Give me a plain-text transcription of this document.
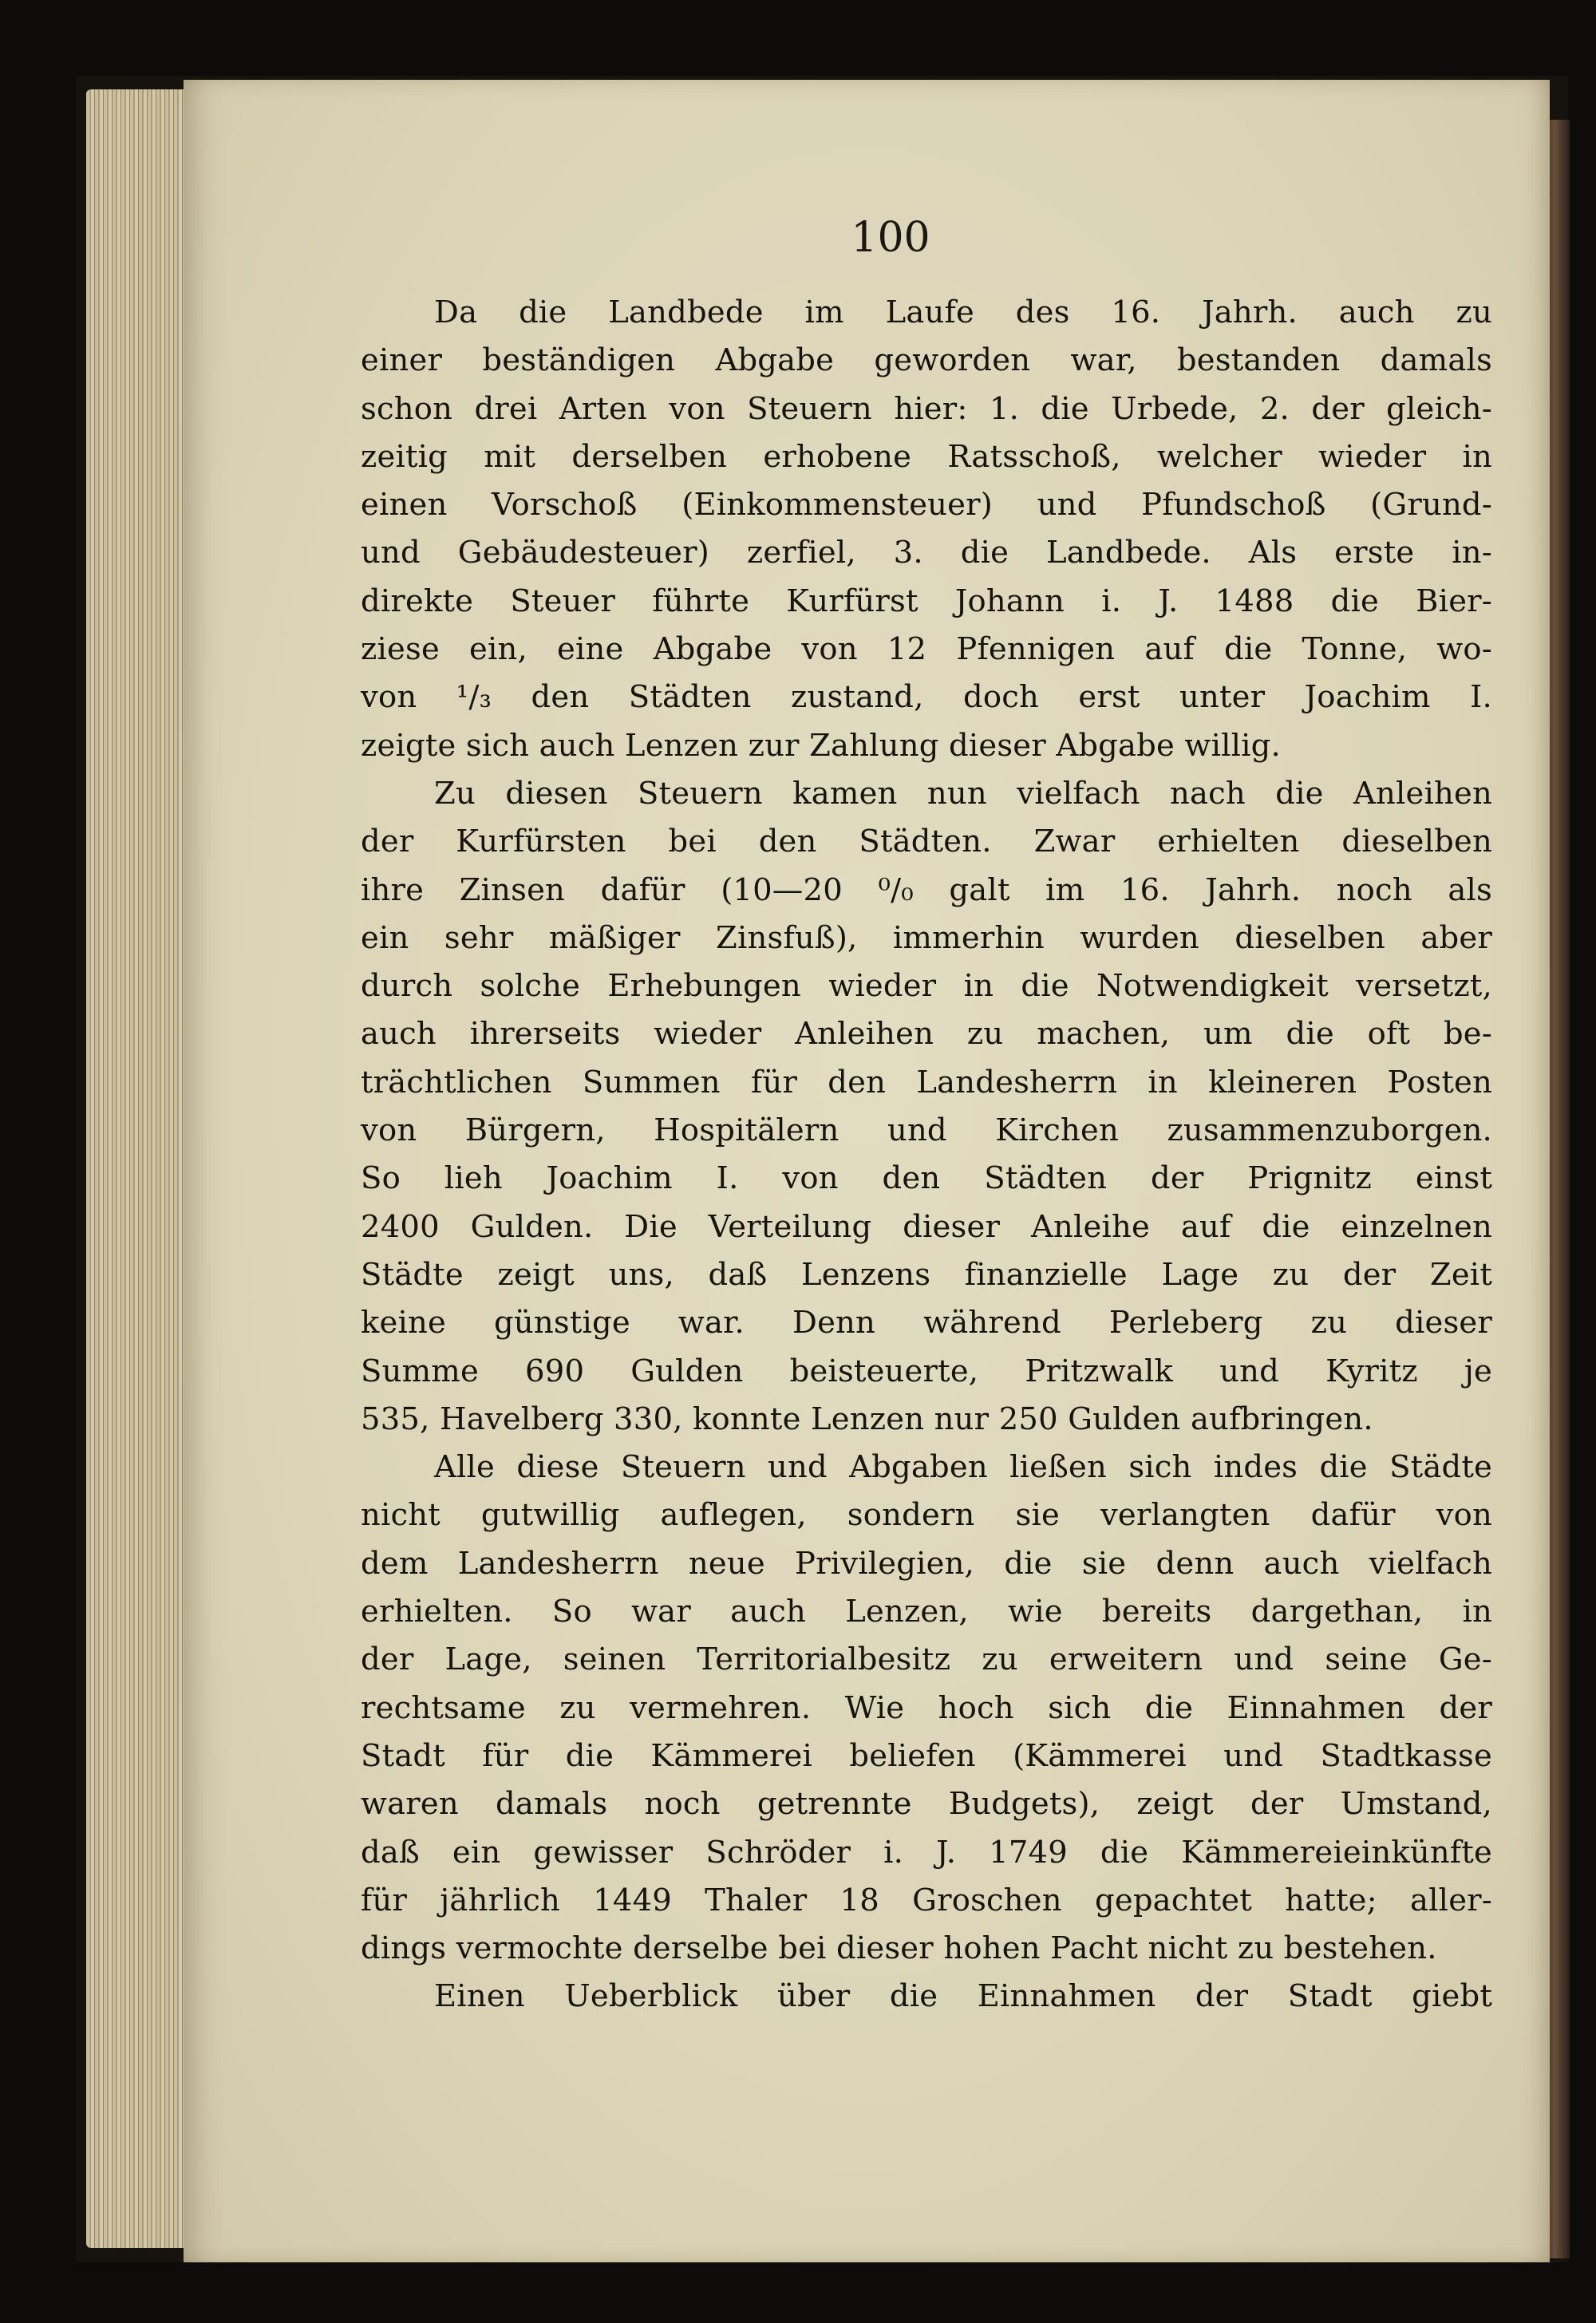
100
Da die Landbede im Laufe des 16. Jahrh. auch zu
einer beständigen Abgabe geworden war, bestanden damals
schon drei Arten von Steuern hier: 1. die Urbede, 2. der gleich-
zeitig mit derselben erhobene Ratsschoß, welcher wieder in
einen Vorschoß (Einkommensteuer) und Pfundschoß (Grund-
und Gebäudesteuer) zerfiel, 3. die Landbede. Als erste in-
direkte Steuer führte Kurfürst Johann i. J. 1488 die Bier-
ziese ein, eine Abgabe von 12 Pfennigen auf die Tonne, wo-
von ¹/₃ den Städten zustand, doch erst unter Joachim I.
zeigte sich auch Lenzen zur Zahlung dieser Abgabe willig.
Zu diesen Steuern kamen nun vielfach nach die Anleihen
der Kurfürsten bei den Städten. Zwar erhielten dieselben
ihre Zinsen dafür (10—20 ⁰/₀ galt im 16. Jahrh. noch als
ein sehr mäßiger Zinsfuß), immerhin wurden dieselben aber
durch solche Erhebungen wieder in die Notwendigkeit versetzt,
auch ihrerseits wieder Anleihen zu machen, um die oft be-
trächtlichen Summen für den Landesherrn in kleineren Posten
von Bürgern, Hospitälern und Kirchen zusammenzuborgen.
So lieh Joachim I. von den Städten der Prignitz einst
2400 Gulden. Die Verteilung dieser Anleihe auf die einzelnen
Städte zeigt uns, daß Lenzens finanzielle Lage zu der Zeit
keine günstige war. Denn während Perleberg zu dieser
Summe 690 Gulden beisteuerte, Pritzwalk und Kyritz je
535, Havelberg 330, konnte Lenzen nur 250 Gulden aufbringen.
Alle diese Steuern und Abgaben ließen sich indes die Städte
nicht gutwillig auflegen, sondern sie verlangten dafür von
dem Landesherrn neue Privilegien, die sie denn auch vielfach
erhielten. So war auch Lenzen, wie bereits dargethan, in
der Lage, seinen Territorialbesitz zu erweitern und seine Ge-
rechtsame zu vermehren. Wie hoch sich die Einnahmen der
Stadt für die Kämmerei beliefen (Kämmerei und Stadtkasse
waren damals noch getrennte Budgets), zeigt der Umstand,
daß ein gewisser Schröder i. J. 1749 die Kämmereieinkünfte
für jährlich 1449 Thaler 18 Groschen gepachtet hatte; aller-
dings vermochte derselbe bei dieser hohen Pacht nicht zu bestehen.
Einen Ueberblick über die Einnahmen der Stadt giebt
